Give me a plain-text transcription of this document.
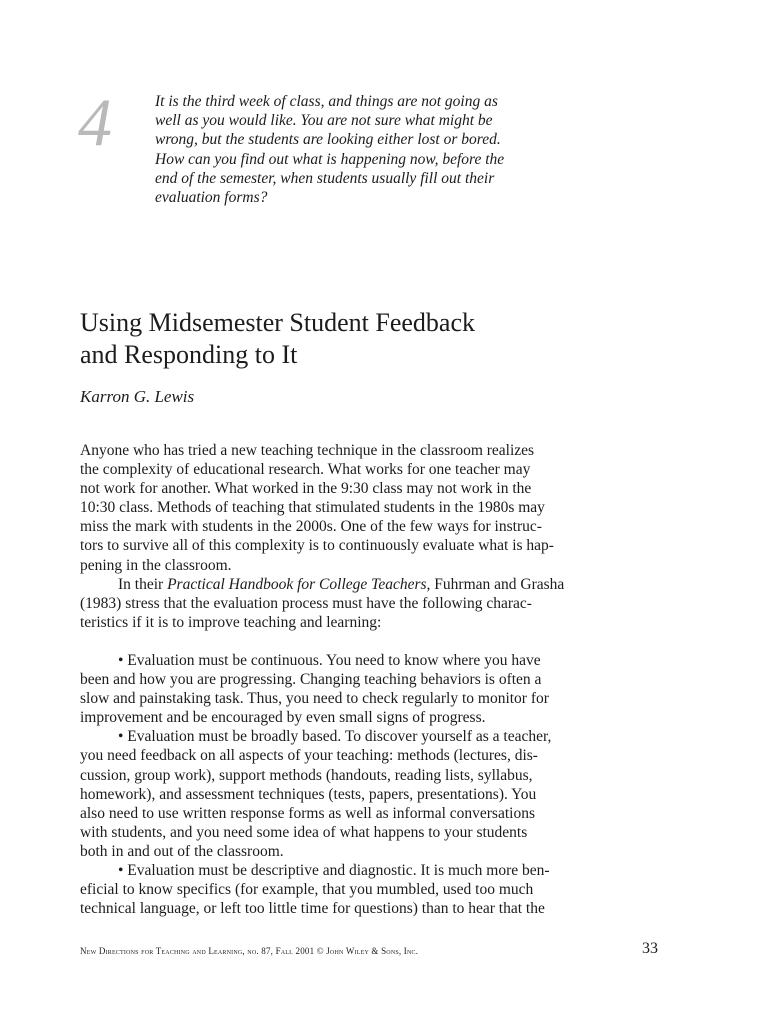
4	It is the third week of class, and things are not going as
well as you would like. You are not sure what might be
wrong, but the students are looking either lost or bored.
How can you find out what is happening now, before the
end of the semester, when students usually fill out their
evaluation forms?
Using Midsemester Student Feedback
and Responding to It
Karron G. Lewis
Anyone who has tried a new teaching technique in the classroom realizes
the complexity of educational research. What works for one teacher may
not work for another. What worked in the 9:30 class may not work in the
10:30 class. Methods of teaching that stimulated students in the 1980s may
miss the mark with students in the 2000s. One of the few ways for instruc-
tors to survive all of this complexity is to continuously evaluate what is hap-
pening in the classroom.
In their Practical Handbook for College Teachers, Fuhrman and Grasha
(1983) stress that the evaluation process must have the following charac-
teristics if it is to improve teaching and learning:
• Evaluation must be continuous. You need to know where you have
been and how you are progressing. Changing teaching behaviors is often a
slow and painstaking task. Thus, you need to check regularly to monitor for
improvement and be encouraged by even small signs of progress.
• Evaluation must be broadly based. To discover yourself as a teacher,
you need feedback on all aspects of your teaching: methods (lectures, dis-
cussion, group work), support methods (handouts, reading lists, syllabus,
homework), and assessment techniques (tests, papers, presentations). You
also need to use written response forms as well as informal conversations
with students, and you need some idea of what happens to your students
both in and out of the classroom.
• Evaluation must be descriptive and diagnostic. It is much more ben-
eficial to know specifics (for example, that you mumbled, used too much
technical language, or left too little time for questions) than to hear that the
New Directions for Teaching and Learning, no. 87, Fall 2001 © John Wiley & Sons, Inc.	33
